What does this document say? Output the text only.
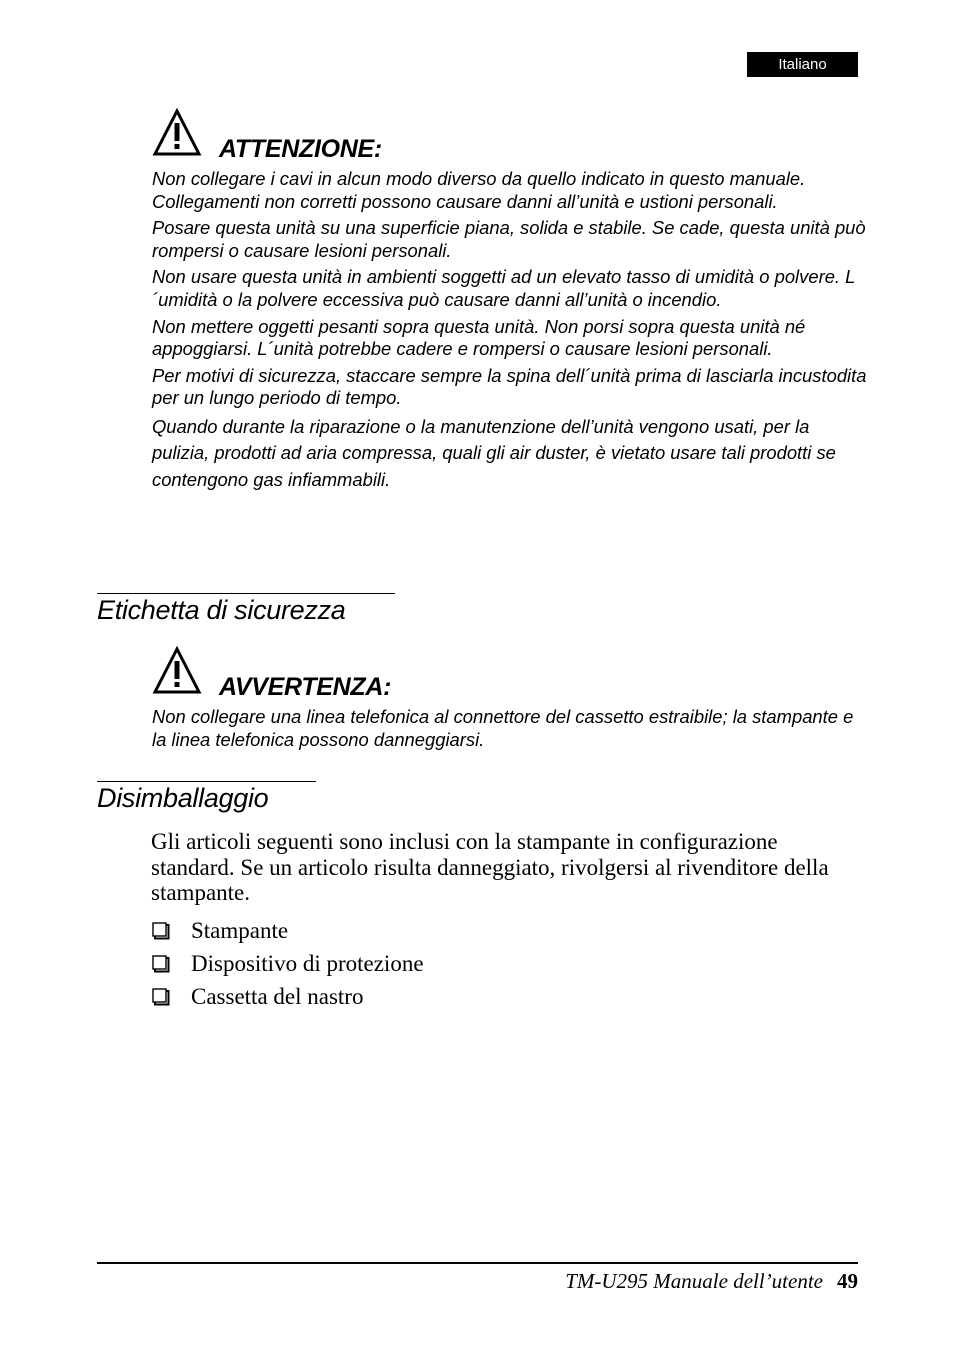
Italiano
ATTENZIONE:

Non collegare i cavi in alcun modo diverso da quello indicato in questo manuale. Collegamenti non corretti possono causare danni all’unità e ustioni personali.

Posare questa unità su una superficie piana, solida e stabile. Se cade, questa unità può rompersi o causare lesioni personali.

Non usare questa unità in ambienti soggetti ad un elevato tasso di umidità o polvere. L´umidità o la polvere eccessiva può causare danni all’unità o incendio.

Non mettere oggetti pesanti sopra questa unità. Non porsi sopra questa unità né appoggiarsi. L´unità potrebbe cadere e rompersi o causare lesioni personali.

Per motivi di sicurezza, staccare sempre la spina dell´unità prima di lasciarla incustodita per un lungo periodo di tempo.

Quando durante la riparazione o la manutenzione dell’unità vengono usati, per la pulizia, prodotti ad aria compressa, quali gli air duster, è vietato usare tali prodotti se contengono gas infiammabili.

Etichetta di sicurezza
AVVERTENZA:

Non collegare una linea telefonica al connettore del cassetto estraibile; la stampante e la linea telefonica possono danneggiarsi.

Disimballaggio
Gli articoli seguenti sono inclusi con la stampante in configurazione standard. Se un articolo risulta danneggiato, rivolgersi al rivenditore della stampante.
Stampante
Dispositivo di protezione
Cassetta del nastro
TM-U295 Manuale dell’utente 49
